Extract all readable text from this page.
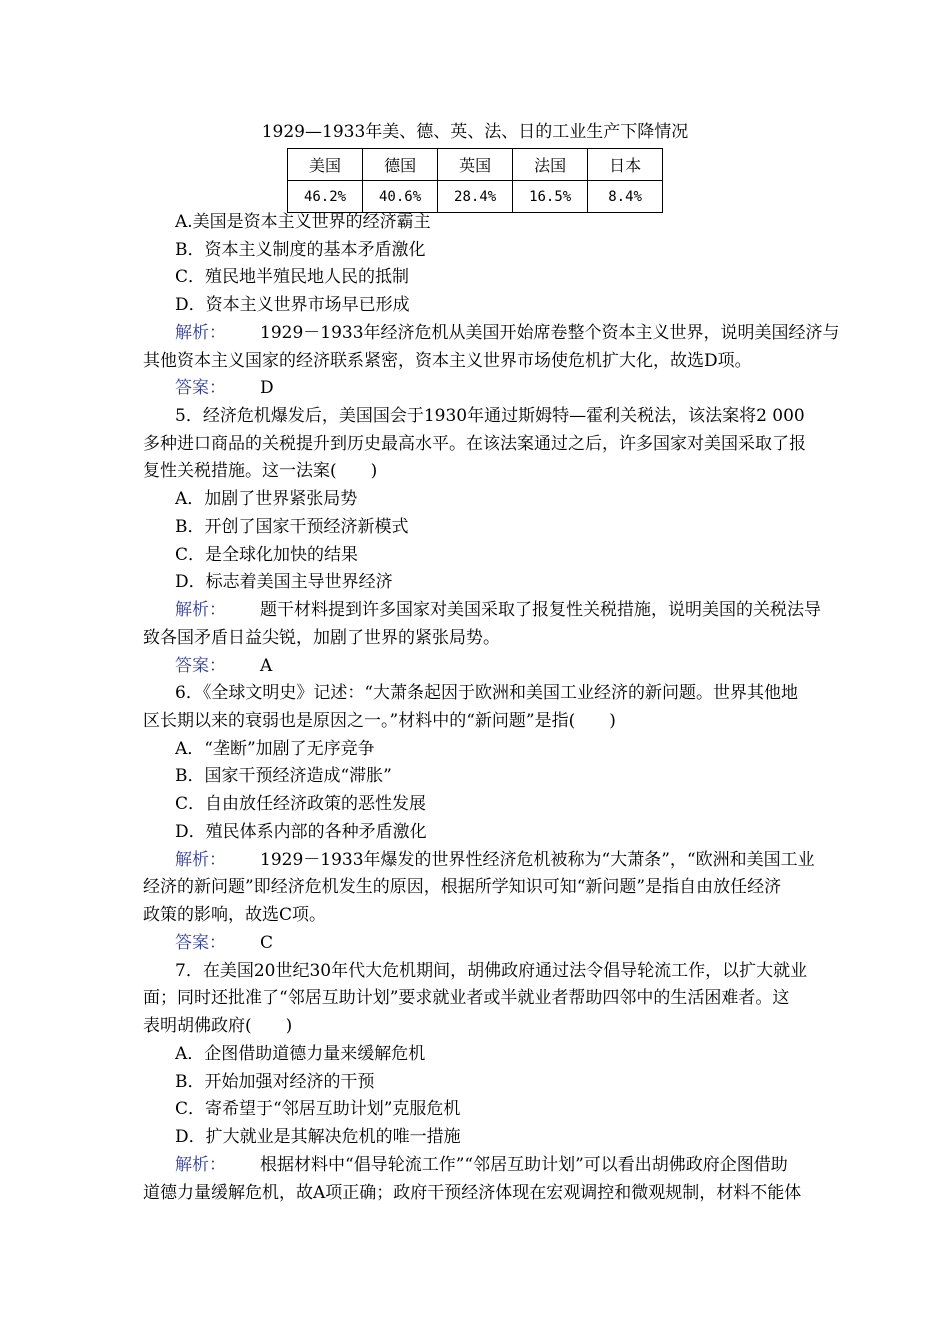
1929—1933年美、德、英、法、日的工业生产下降情况
美国	德国	英国	法国	日本
46.2%	40.6%	28.4%	16.5%	8.4%
A.美国是资本主义世界的经济霸主
B．资本主义制度的基本矛盾激化
C．殖民地半殖民地人民的抵制
D．资本主义世界市场早已形成
解析： 1929－1933年经济危机从美国开始席卷整个资本主义世界，说明美国经济与
其他资本主义国家的经济联系紧密，资本主义世界市场使危机扩大化，故选D项。
答案： D
5．经济危机爆发后，美国国会于1930年通过斯姆特—霍利关税法，该法案将2 000
多种进口商品的关税提升到历史最高水平。在该法案通过之后，许多国家对美国采取了报
复性关税措施。这一法案(　　)
A．加剧了世界紧张局势
B．开创了国家干预经济新模式
C．是全球化加快的结果
D．标志着美国主导世界经济
解析： 题干材料提到许多国家对美国采取了报复性关税措施，说明美国的关税法导
致各国矛盾日益尖锐，加剧了世界的紧张局势。
答案： A
6．《全球文明史》记述：“大萧条起因于欧洲和美国工业经济的新问题。世界其他地
区长期以来的衰弱也是原因之一。”材料中的“新问题”是指(　　)
A．“垄断”加剧了无序竞争
B．国家干预经济造成“滞胀”
C．自由放任经济政策的恶性发展
D．殖民体系内部的各种矛盾激化
解析： 1929－1933年爆发的世界性经济危机被称为“大萧条”，“欧洲和美国工业
经济的新问题”即经济危机发生的原因，根据所学知识可知“新问题”是指自由放任经济
政策的影响，故选C项。
答案： C
7．在美国20世纪30年代大危机期间，胡佛政府通过法令倡导轮流工作，以扩大就业
面；同时还批准了“邻居互助计划”要求就业者或半就业者帮助四邻中的生活困难者。这
表明胡佛政府(　　)
A．企图借助道德力量来缓解危机
B．开始加强对经济的干预
C．寄希望于“邻居互助计划”克服危机
D．扩大就业是其解决危机的唯一措施
解析： 根据材料中“倡导轮流工作”“邻居互助计划”可以看出胡佛政府企图借助
道德力量缓解危机，故A项正确；政府干预经济体现在宏观调控和微观规制，材料不能体
